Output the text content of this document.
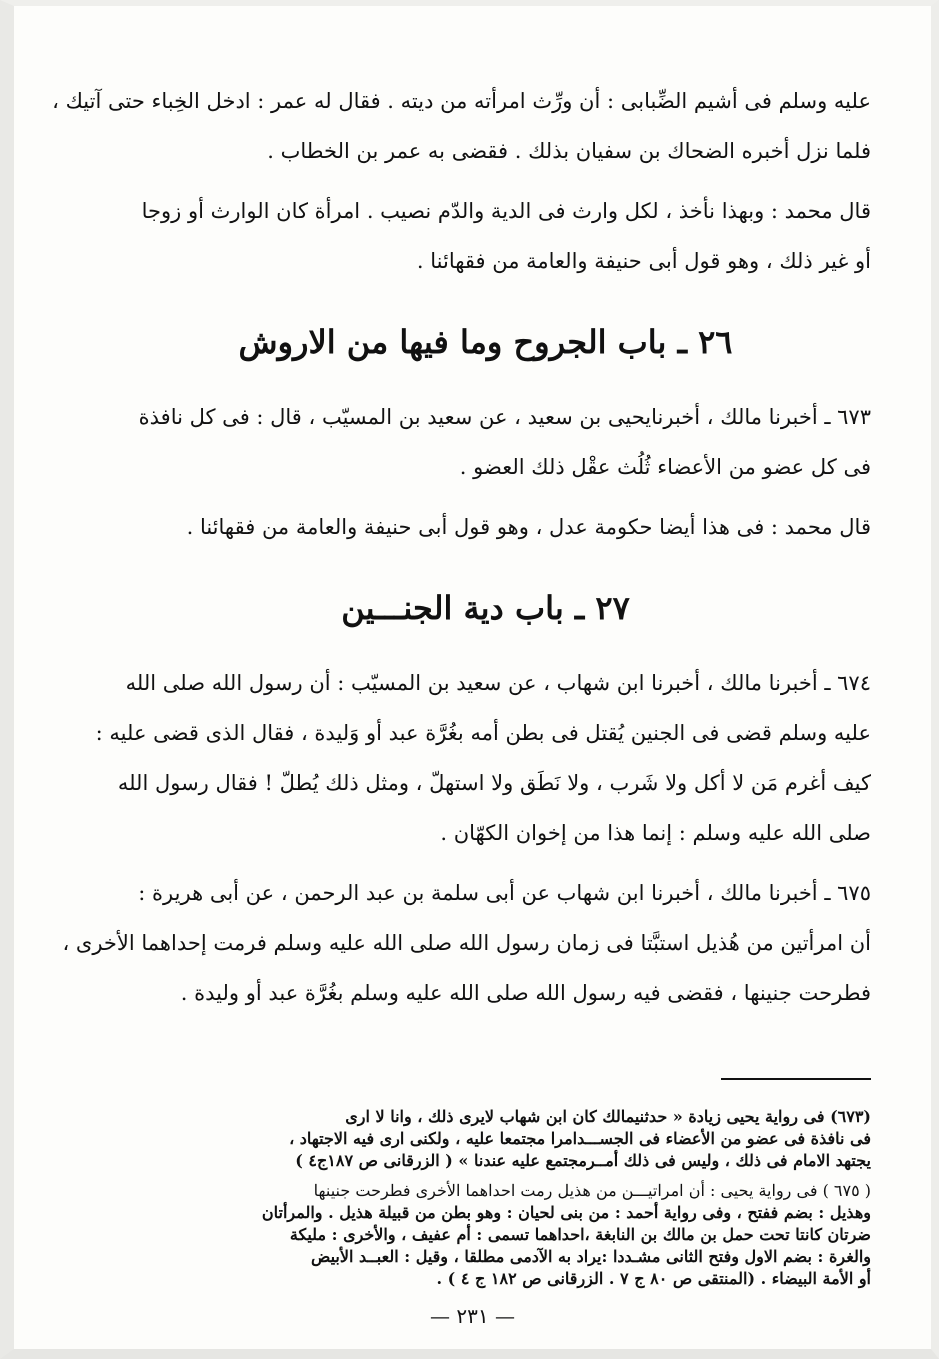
عليه وسلم فى أشيم الضِّبابى : أن ورِّث امرأته من ديته . فقال له عمر : ادخل الخِباء حتى آتيك ،
فلما نزل أخبره الضحاك بن سفيان بذلك . فقضى به عمر بن الخطاب .

قال محمد : وبهذا نأخذ ، لكل وارث فى الدية والدّم نصيب . امرأة كان الوارث أو زوجا
أو غير ذلك ، وهو قول أبى حنيفة والعامة من فقهائنا .

٢٦ ـ باب الجروح وما فيها من الاروش

٦٧٣ ـ أخبرنا مالك ، أخبرنايحيى بن سعيد ، عن سعيد بن المسيّب ، قال : فى كل نافذة
فى كل عضو من الأعضاء ثُلُث عقْل ذلك العضو .

قال محمد : فى هذا أيضا حكومة عدل ، وهو قول أبى حنيفة والعامة من فقهائنا .

٢٧ ـ باب دية الجنـــين

٦٧٤ ـ أخبرنا مالك ، أخبرنا ابن شهاب ، عن سعيد بن المسيّب : أن رسول الله صلى الله
عليه وسلم قضى فى الجنين يُقتل فى بطن أمه بغُرَّة عبد أو وَليدة ، فقال الذى قضى عليه :
كيف أغرم مَن لا أكل ولا شَرب ، ولا نَطَق ولا استهلّ ، ومثل ذلك يُطلّ ! فقال رسول الله
صلى الله عليه وسلم : إنما هذا من إخوان الكهّان .

٦٧٥ ـ أخبرنا مالك ، أخبرنا ابن شهاب عن أبى سلمة بن عبد الرحمن ، عن أبى هريرة :
أن امرأتين من هُذيل استبَّتا فى زمان رسول الله صلى الله عليه وسلم فرمت إحداهما الأخرى ،
فطرحت جنينها ، فقضى فيه رسول الله صلى الله عليه وسلم بغُرَّة عبد أو وليدة .

(٦٧٣) فى رواية يحيى زيادة « حدثنيمالك كان ابن شهاب لايرى ذلك ، وانا لا ارى
فى نافذة فى عضو من الأعضاء فى الجســـدامرا مجتمعا عليه ، ولكنى ارى فيه الاجتهاد ،
يجتهد الامام فى ذلك ، وليس فى ذلك أمــرمجتمع عليه عندنا » ( الزرقانى ص ١٨٧ج٤ )
( ٦٧٥ ) فى رواية يحيى : أن امراتيـــن من هذيل رمت احداهما الأخرى فطرحت جنينها
وهذيل : بضم ففتح ، وفى رواية أحمد : من بنى لحيان : وهو بطن من قبيلة هذيل . والمرأتان
ضرتان كانتا تحت حمل بن مالك بن النابغة ،احداهما تسمى : أم عفيف ، والأخرى : مليكة
والغرة : بضم الاول وفتح الثانى مشـددا :يراد به الآدمى مطلقا ، وقيل : العبــد الأبيض
أو الأمة البيضاء . (المنتقى ص ٨٠ ج ٧ . الزرقانى ص ١٨٢ ج ٤ ) .
— ٢٣١ —
